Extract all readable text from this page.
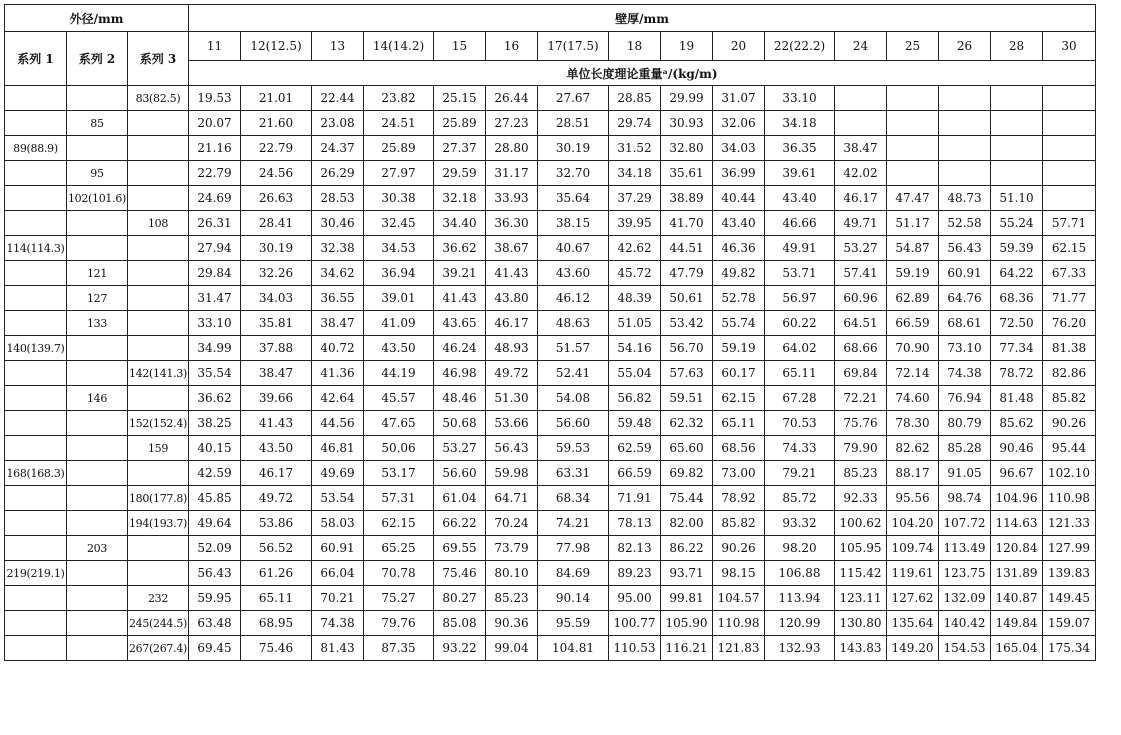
外径/mm			壁厚/mm															
系列 1	系列 2	系列 3	11	12(12.5)	13	14(14.2)	15	16	17(17.5)	18	19	20	22(22.2)	24	25	26	28	30
			单位长度理论重量ᵃ/(kg/m)															
		83(82.5)	19.53	21.01	22.44	23.82	25.15	26.44	27.67	28.85	29.99	31.07	33.10					
	85		20.07	21.60	23.08	24.51	25.89	27.23	28.51	29.74	30.93	32.06	34.18					
89(88.9)			21.16	22.79	24.37	25.89	27.37	28.80	30.19	31.52	32.80	34.03	36.35	38.47				
	95		22.79	24.56	26.29	27.97	29.59	31.17	32.70	34.18	35.61	36.99	39.61	42.02				
	102(101.6)		24.69	26.63	28.53	30.38	32.18	33.93	35.64	37.29	38.89	40.44	43.40	46.17	47.47	48.73	51.10	
		108	26.31	28.41	30.46	32.45	34.40	36.30	38.15	39.95	41.70	43.40	46.66	49.71	51.17	52.58	55.24	57.71
114(114.3)			27.94	30.19	32.38	34.53	36.62	38.67	40.67	42.62	44.51	46.36	49.91	53.27	54.87	56.43	59.39	62.15
	121		29.84	32.26	34.62	36.94	39.21	41.43	43.60	45.72	47.79	49.82	53.71	57.41	59.19	60.91	64.22	67.33
	127		31.47	34.03	36.55	39.01	41.43	43.80	46.12	48.39	50.61	52.78	56.97	60.96	62.89	64.76	68.36	71.77
	133		33.10	35.81	38.47	41.09	43.65	46.17	48.63	51.05	53.42	55.74	60.22	64.51	66.59	68.61	72.50	76.20
140(139.7)			34.99	37.88	40.72	43.50	46.24	48.93	51.57	54.16	56.70	59.19	64.02	68.66	70.90	73.10	77.34	81.38
		142(141.3)	35.54	38.47	41.36	44.19	46.98	49.72	52.41	55.04	57.63	60.17	65.11	69.84	72.14	74.38	78.72	82.86
	146		36.62	39.66	42.64	45.57	48.46	51.30	54.08	56.82	59.51	62.15	67.28	72.21	74.60	76.94	81.48	85.82
		152(152.4)	38.25	41.43	44.56	47.65	50.68	53.66	56.60	59.48	62.32	65.11	70.53	75.76	78.30	80.79	85.62	90.26
		159	40.15	43.50	46.81	50.06	53.27	56.43	59.53	62.59	65.60	68.56	74.33	79.90	82.62	85.28	90.46	95.44
168(168.3)			42.59	46.17	49.69	53.17	56.60	59.98	63.31	66.59	69.82	73.00	79.21	85.23	88.17	91.05	96.67	102.10
		180(177.8)	45.85	49.72	53.54	57.31	61.04	64.71	68.34	71.91	75.44	78.92	85.72	92.33	95.56	98.74	104.96	110.98
		194(193.7)	49.64	53.86	58.03	62.15	66.22	70.24	74.21	78.13	82.00	85.82	93.32	100.62	104.20	107.72	114.63	121.33
	203		52.09	56.52	60.91	65.25	69.55	73.79	77.98	82.13	86.22	90.26	98.20	105.95	109.74	113.49	120.84	127.99
219(219.1)			56.43	61.26	66.04	70.78	75.46	80.10	84.69	89.23	93.71	98.15	106.88	115.42	119.61	123.75	131.89	139.83
		232	59.95	65.11	70.21	75.27	80.27	85.23	90.14	95.00	99.81	104.57	113.94	123.11	127.62	132.09	140.87	149.45
		245(244.5)	63.48	68.95	74.38	79.76	85.08	90.36	95.59	100.77	105.90	110.98	120.99	130.80	135.64	140.42	149.84	159.07
		267(267.4)	69.45	75.46	81.43	87.35	93.22	99.04	104.81	110.53	116.21	121.83	132.93	143.83	149.20	154.53	165.04	175.34
